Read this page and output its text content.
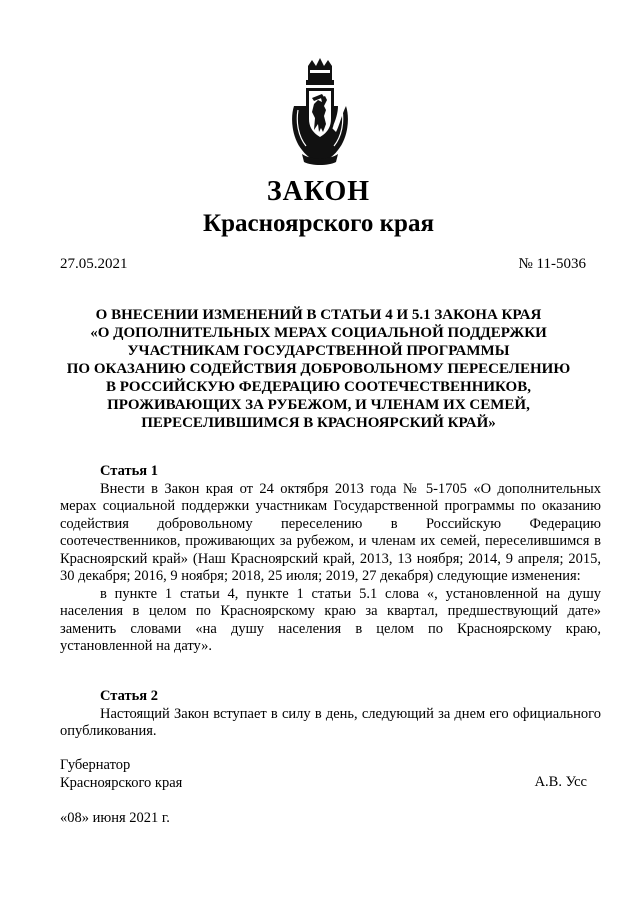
ЗАКОН
Красноярского края
27.05.2021	№ 11-5036
О ВНЕСЕНИИ ИЗМЕНЕНИЙ В СТАТЬИ 4 И 5.1 ЗАКОНА КРАЯ
«О ДОПОЛНИТЕЛЬНЫХ МЕРАХ СОЦИАЛЬНОЙ ПОДДЕРЖКИ
УЧАСТНИКАМ ГОСУДАРСТВЕННОЙ ПРОГРАММЫ
ПО ОКАЗАНИЮ СОДЕЙСТВИЯ ДОБРОВОЛЬНОМУ ПЕРЕСЕЛЕНИЮ
В РОССИЙСКУЮ ФЕДЕРАЦИЮ СООТЕЧЕСТВЕННИКОВ,
ПРОЖИВАЮЩИХ ЗА РУБЕЖОМ, И ЧЛЕНАМ ИХ СЕМЕЙ,
ПЕРЕСЕЛИВШИМСЯ В КРАСНОЯРСКИЙ КРАЙ»
Статья 1

Внести в Закон края от 24 октября 2013 года № 5-1705 «О дополнительных мерах социальной поддержки участникам Государственной программы по оказанию содействия добровольному переселению в Российскую Федерацию соотечественников, проживающих за рубежом, и членам их семей, переселившимся в Красноярский край» (Наш Красноярский край, 2013, 13 ноября; 2014, 9 апреля; 2015, 30 декабря; 2016, 9 ноября; 2018, 25 июля; 2019, 27 декабря) следующие изменения:

в пункте 1 статьи 4, пункте 1 статьи 5.1 слова «, установленной на душу населения в целом по Красноярскому краю за квартал, предшествующий дате» заменить словами «на душу населения в целом по Красноярскому краю, установленной на дату».

Статья 2

Настоящий Закон вступает в силу в день, следующий за днем его официального опубликования.

Губернатор
Красноярского края	А.В. Усс
«08» июня 2021 г.
